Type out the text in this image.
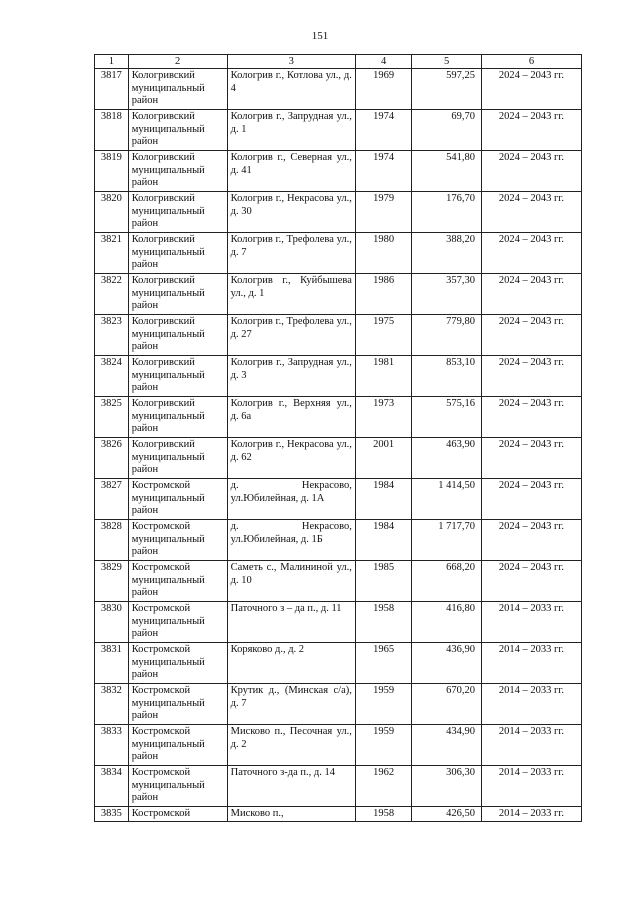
151
1	2	3	4	5	6
3817	Кологривский муниципальный район	Кологрив г., Котлова ул., д. 4	1969	597,25	2024 – 2043 гг.
3818	Кологривский муниципальный район	Кологрив г., Запрудная ул., д. 1	1974	69,70	2024 – 2043 гг.
3819	Кологривский муниципальный район	Кологрив г., Северная ул., д. 41	1974	541,80	2024 – 2043 гг.
3820	Кологривский муниципальный район	Кологрив г., Некрасова ул., д. 30	1979	176,70	2024 – 2043 гг.
3821	Кологривский муниципальный район	Кологрив г., Трефолева ул., д. 7	1980	388,20	2024 – 2043 гг.
3822	Кологривский муниципальный район	Кологрив г., Куйбышева ул., д. 1	1986	357,30	2024 – 2043 гг.
3823	Кологривский муниципальный район	Кологрив г., Трефолева ул., д. 27	1975	779,80	2024 – 2043 гг.
3824	Кологривский муниципальный район	Кологрив г., Запрудная ул., д. 3	1981	853,10	2024 – 2043 гг.
3825	Кологривский муниципальный район	Кологрив г., Верхняя ул., д. 6а	1973	575,16	2024 – 2043 гг.
3826	Кологривский муниципальный район	Кологрив г., Некрасова ул., д. 62	2001	463,90	2024 – 2043 гг.
3827	Костромской муниципальный район	д. Некрасово, ул.Юбилейная, д. 1А	1984	1 414,50	2024 – 2043 гг.
3828	Костромской муниципальный район	д. Некрасово, ул.Юбилейная, д. 1Б	1984	1 717,70	2024 – 2043 гг.
3829	Костромской муниципальный район	Саметь с., Малининой ул., д. 10	1985	668,20	2024 – 2043 гг.
3830	Костромской муниципальный район	Паточного з – да п., д. 11	1958	416,80	2014 – 2033 гг.
3831	Костромской муниципальный район	Коряково д., д. 2	1965	436,90	2014 – 2033 гг.
3832	Костромской муниципальный район	Крутик д., (Минская с/а), д. 7	1959	670,20	2014 – 2033 гг.
3833	Костромской муниципальный район	Мисково п., Песочная ул., д. 2	1959	434,90	2014 – 2033 гг.
3834	Костромской муниципальный район	Паточного з-да п., д. 14	1962	306,30	2014 – 2033 гг.
3835	Костромской	Мисково п.,	1958	426,50	2014 – 2033 гг.
